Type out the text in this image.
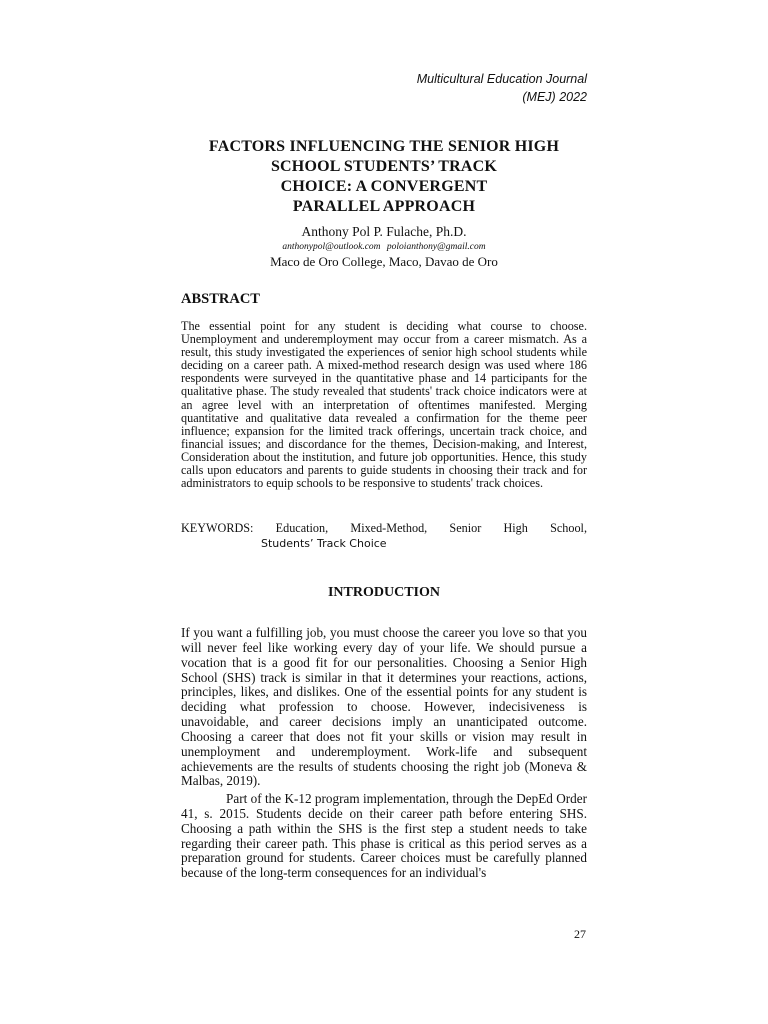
Multicultural Education Journal
(MEJ) 2022
FACTORS INFLUENCING THE SENIOR HIGH
SCHOOL STUDENTS’ TRACK
CHOICE: A CONVERGENT
PARALLEL APPROACH
Anthony Pol P. Fulache, Ph.D.
anthonypol@outlook.com poloianthony@gmail.com
Maco de Oro College, Maco, Davao de Oro
ABSTRACT
The essential point for any student is deciding what course to choose. Unemployment and underemployment may occur from a career mismatch. As a result, this study investigated the experiences of senior high school students while deciding on a career path. A mixed-method research design was used where 186 respondents were surveyed in the quantitative phase and 14 participants for the qualitative phase. The study revealed that students' track choice indicators were at an agree level with an interpretation of oftentimes manifested. Merging quantitative and qualitative data revealed a confirmation for the theme peer influence; expansion for the limited track offerings, uncertain track choice, and financial issues; and discordance for the themes, Decision-making, and Interest, Consideration about the institution, and future job opportunities. Hence, this study calls upon educators and parents to guide students in choosing their track and for administrators to equip schools to be responsive to students' track choices.
KEYWORDS: Education, Mixed-Method, Senior High School,
Students’ Track Choice
INTRODUCTION
If you want a fulfilling job, you must choose the career you love so that you will never feel like working every day of your life. We should pursue a vocation that is a good fit for our personalities. Choosing a Senior High School (SHS) track is similar in that it determines your reactions, actions, principles, likes, and dislikes. One of the essential points for any student is deciding what profession to choose. However, indecisiveness is unavoidable, and career decisions imply an unanticipated outcome. Choosing a career that does not fit your skills or vision may result in unemployment and underemployment. Work-life and subsequent achievements are the results of students choosing the right job (Moneva & Malbas, 2019).
Part of the K-12 program implementation, through the DepEd Order 41, s. 2015. Students decide on their career path before entering SHS. Choosing a path within the SHS is the first step a student needs to take regarding their career path. This phase is critical as this period serves as a preparation ground for students. Career choices must be carefully planned because of the long-term consequences for an individual's
27
